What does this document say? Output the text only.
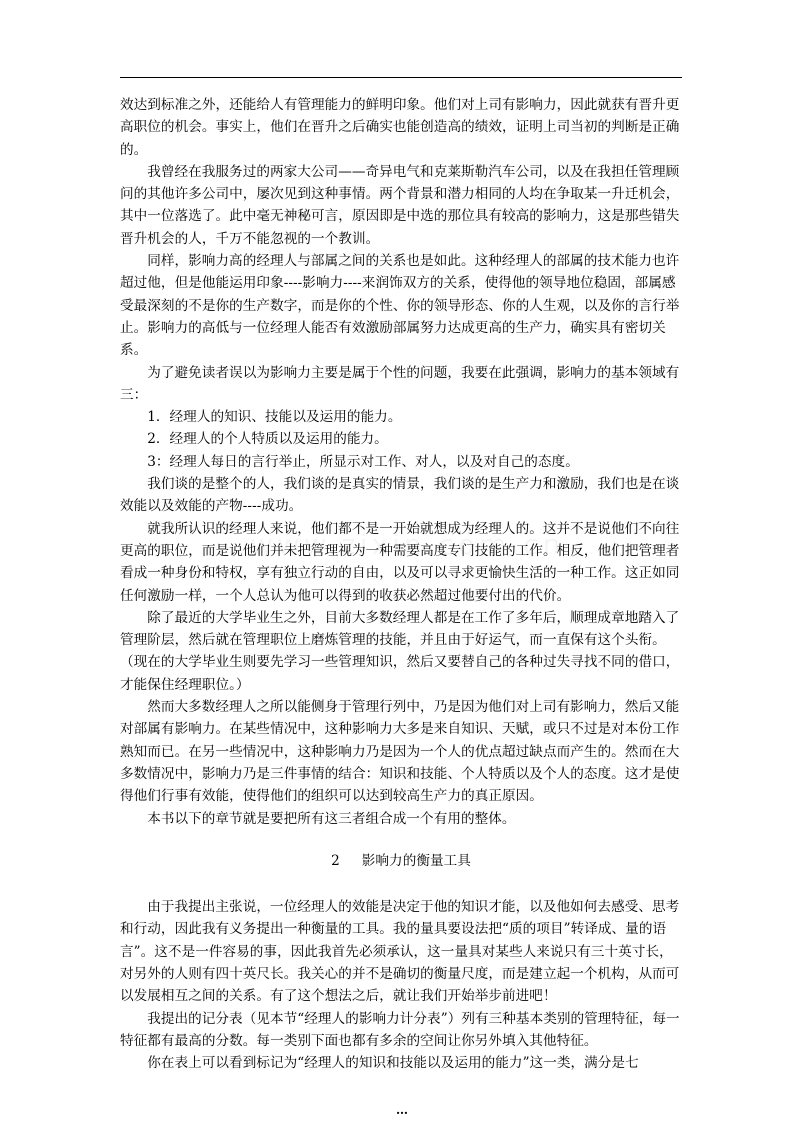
效达到标准之外，还能给人有管理能力的鲜明印象。他们对上司有影响力，因此就获有晋升更高职位的机会。事实上，他们在晋升之后确实也能创造高的绩效，证明上司当初的判断是正确的。

我曾经在我服务过的两家大公司——奇异电气和克莱斯勒汽车公司，以及在我担任管理顾问的其他许多公司中，屡次见到这种事情。两个背景和潜力相同的人均在争取某一升迁机会，其中一位落选了。此中毫无神秘可言，原因即是中选的那位具有较高的影响力，这是那些错失晋升机会的人，千万不能忽视的一个教训。

同样，影响力高的经理人与部属之间的关系也是如此。这种经理人的部属的技术能力也许超过他，但是他能运用印象----影响力----来润饰双方的关系，使得他的领导地位稳固，部属感受最深刻的不是你的生产数字，而是你的个性、你的领导形态、你的人生观，以及你的言行举止。影响力的高低与一位经理人能否有效激励部属努力达成更高的生产力，确实具有密切关系。

为了避免读者误以为影响力主要是属于个性的问题，我要在此强调，影响力的基本领域有三：

1．经理人的知识、技能以及运用的能力。

2．经理人的个人特质以及运用的能力。

3：经理人每日的言行举止，所显示对工作、对人，以及对自己的态度。

我们谈的是整个的人，我们谈的是真实的情景，我们谈的是生产力和激励，我们也是在谈效能以及效能的产物----成功。

就我所认识的经理人来说，他们都不是一开始就想成为经理人的。这并不是说他们不向往更高的职位，而是说他们并未把管理视为一种需要高度专门技能的工作。相反，他们把管理者看成一种身份和特权，享有独立行动的自由，以及可以寻求更愉快生活的一种工作。这正如同任何激励一样，一个人总认为他可以得到的收获必然超过他要付出的代价。

除了最近的大学毕业生之外，目前大多数经理人都是在工作了多年后，顺理成章地踏入了管理阶层，然后就在管理职位上磨炼管理的技能，并且由于好运气，而一直保有这个头衔。（现在的大学毕业生则要先学习一些管理知识，然后又要替自己的各种过失寻找不同的借口，才能保住经理职位。）

然而大多数经理人之所以能侧身于管理行列中，乃是因为他们对上司有影响力，然后又能对部属有影响力。在某些情况中，这种影响力大多是来自知识、天赋，或只不过是对本份工作熟知而已。在另一些情况中，这种影响力乃是因为一个人的优点超过缺点而产生的。然而在大多数情况中，影响力乃是三件事情的结合：知识和技能、个人特质以及个人的态度。这才是使得他们行事有效能，使得他们的组织可以达到较高生产力的真正原因。

本书以下的章节就是要把所有这三者组合成一个有用的整体。

2 影响力的衡量工具

由于我提出主张说，一位经理人的效能是决定于他的知识才能，以及他如何去感受、思考和行动，因此我有义务提出一种衡量的工具。我的量具要设法把“质的项目”转译成、量的语言”。这不是一件容易的事，因此我首先必须承认，这一量具对某些人来说只有三十英寸长，对另外的人则有四十英尺长。我关心的并不是确切的衡量尺度，而是建立起一个机构，从而可以发展相互之间的关系。有了这个想法之后，就让我们开始举步前进吧！

我提出的记分表（见本节“经理人的影响力计分表”）列有三种基本类别的管理特征，每一特征都有最高的分数。每一类别下面也都有多余的空间让你另外填入其他特征。

你在表上可以看到标记为“经理人的知识和技能以及运用的能力”这一类，满分是七

…
